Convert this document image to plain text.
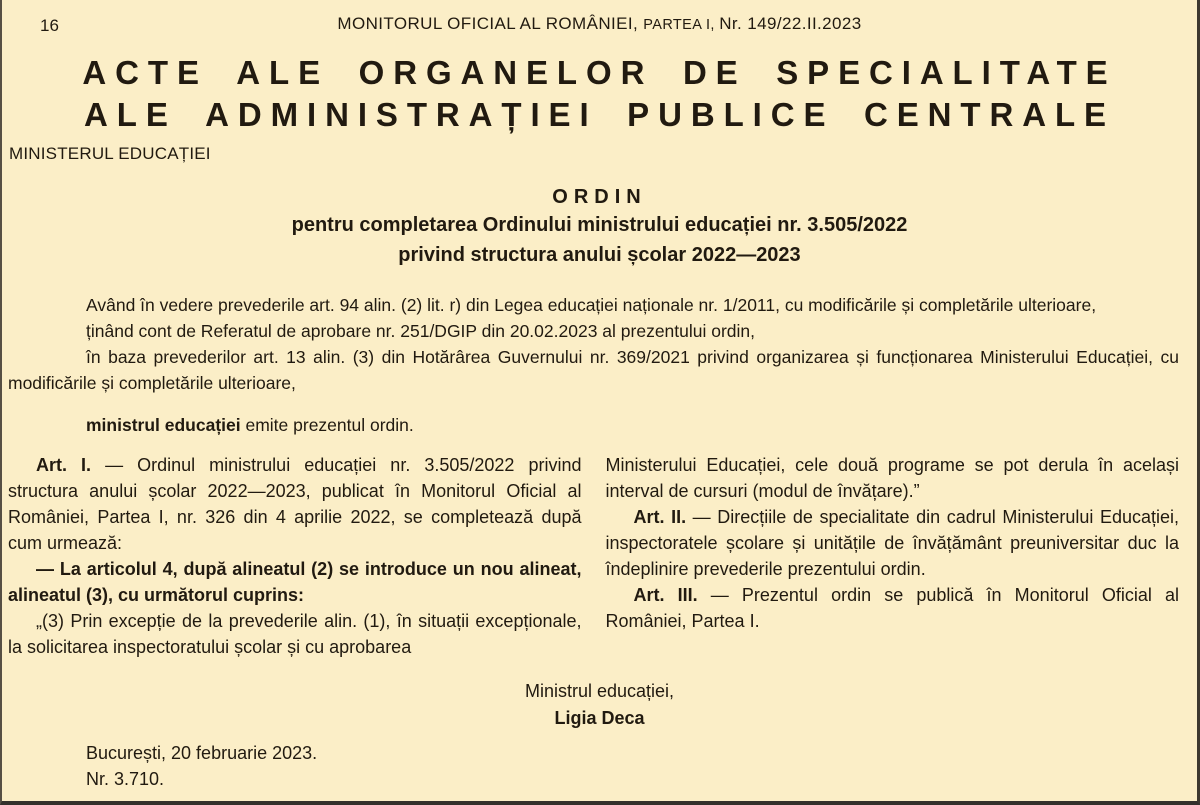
16	MONITORUL OFICIAL AL ROMÂNIEI, PARTEA I, Nr. 149/22.II.2023
ACTE ALE ORGANELOR DE SPECIALITATE
ALE ADMINISTRAȚIEI PUBLICE CENTRALE
MINISTERUL EDUCAȚIEI
ORDIN
pentru completarea Ordinului ministrului educației nr. 3.505/2022
privind structura anului școlar 2022—2023

Având în vedere prevederile art. 94 alin. (2) lit. r) din Legea educației naționale nr. 1/2011, cu modificările și completările ulterioare,

ținând cont de Referatul de aprobare nr. 251/DGIP din 20.02.2023 al prezentului ordin,

în baza prevederilor art. 13 alin. (3) din Hotărârea Guvernului nr. 369/2021 privind organizarea și funcționarea Ministerului Educației, cu modificările și completările ulterioare,

ministrul educației emite prezentul ordin.

Art. I. — Ordinul ministrului educației nr. 3.505/2022 privind structura anului școlar 2022—2023, publicat în Monitorul Oficial al României, Partea I, nr. 326 din 4 aprilie 2022, se completează după cum urmează:

— La articolul 4, după alineatul (2) se introduce un nou alineat, alineatul (3), cu următorul cuprins:

„(3) Prin excepție de la prevederile alin. (1), în situații excepționale, la solicitarea inspectoratului școlar și cu aprobarea

Ministerului Educației, cele două programe se pot derula în același interval de cursuri (modul de învățare).”

Art. II. — Direcțiile de specialitate din cadrul Ministerului Educației, inspectoratele școlare și unitățile de învățământ preuniversitar duc la îndeplinire prevederile prezentului ordin.

Art. III. — Prezentul ordin se publică în Monitorul Oficial al României, Partea I.

Ministrul educației,
Ligia Deca

București, 20 februarie 2023.

Nr. 3.710.
